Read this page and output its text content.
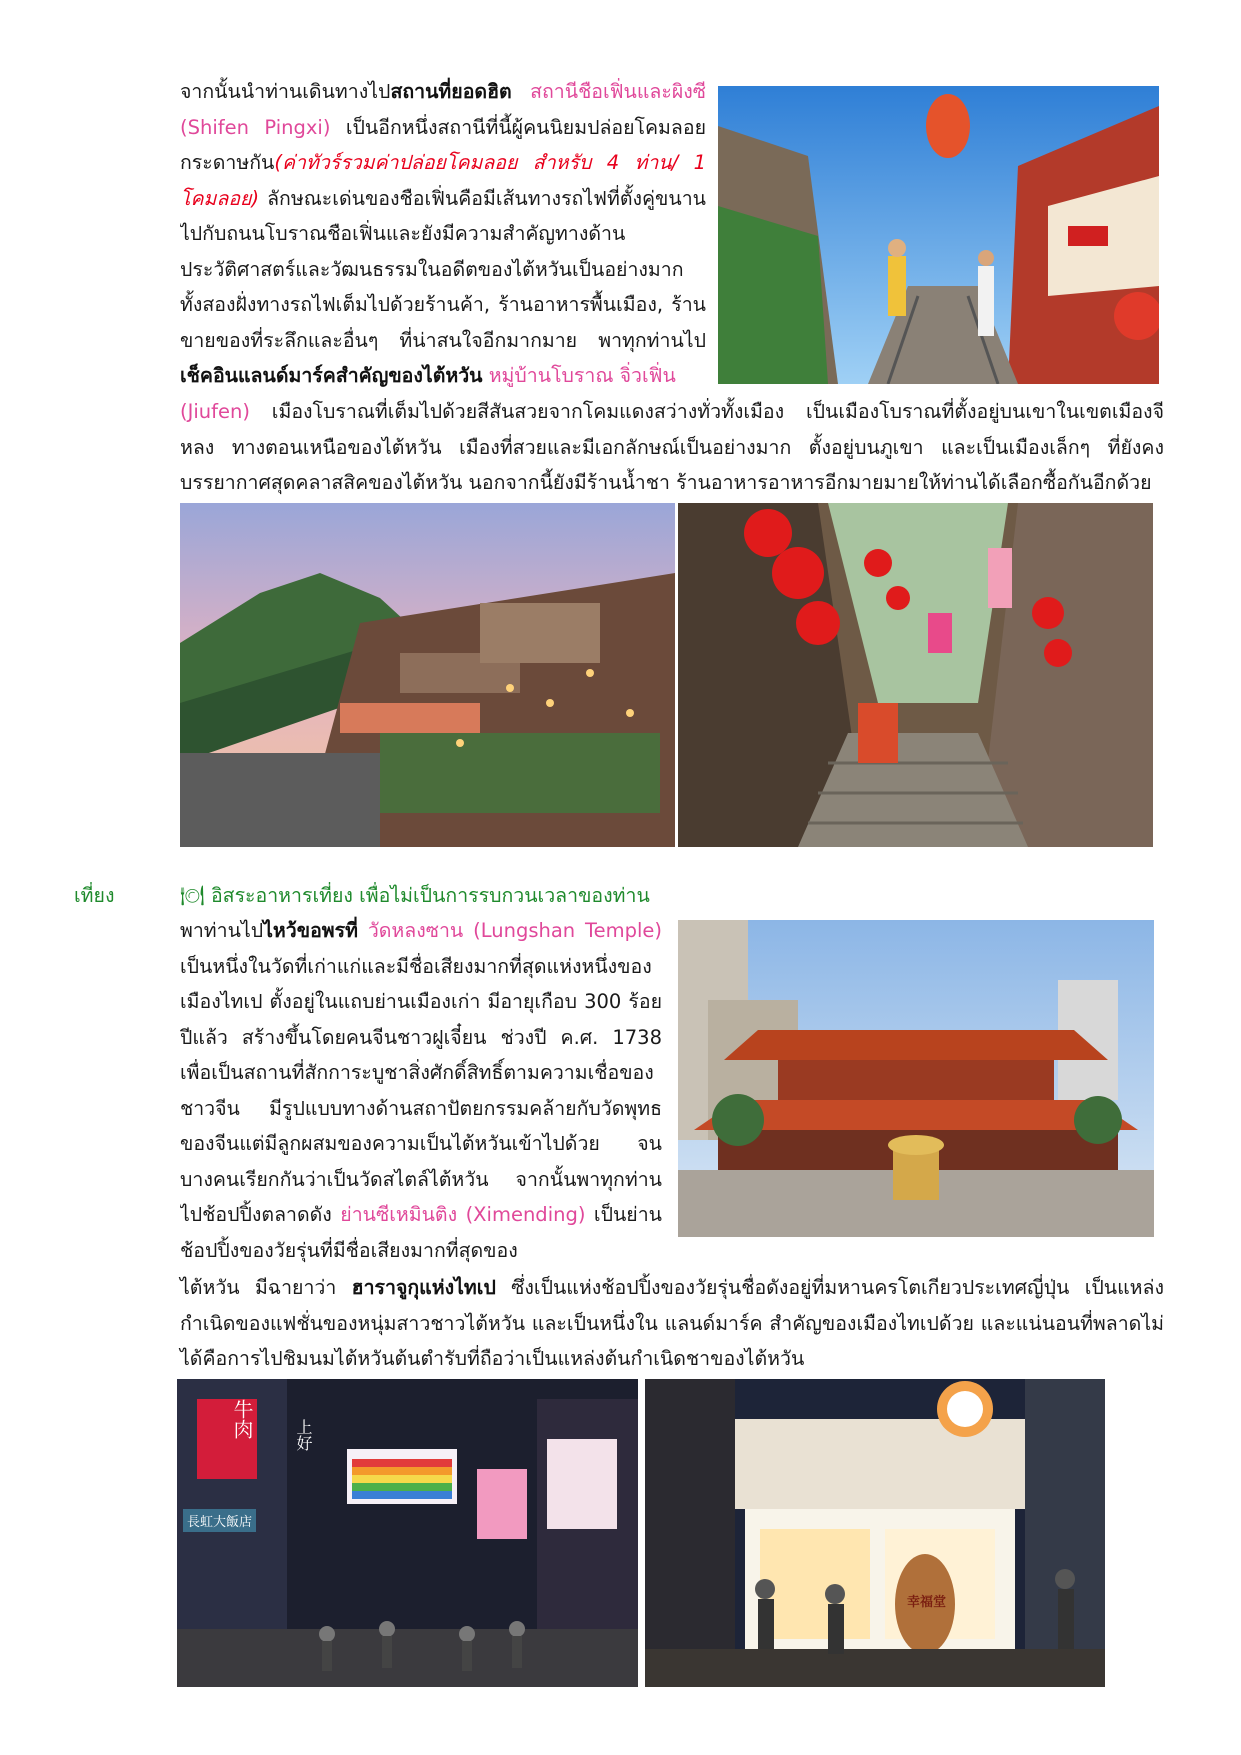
จากนั้นนำท่านเดินทางไปสถานที่ยอดฮิต สถานีชือเฟิ่นและผิงซี (Shifen Pingxi) เป็นอีกหนึ่งสถานีที่นี้ผู้คนนิยมปล่อยโคมลอยกระดาษกัน(ค่าทัวร์รวมค่าปล่อยโคมลอย สำหรับ 4 ท่าน/ 1 โคมลอย) ลักษณะเด่นของชือเฟิ่นคือมีเส้นทางรถไฟที่ตั้งคู่ขนานไปกับถนนโบราณชือเฟิ่นและยังมีความสำคัญทางด้านประวัติศาสตร์และวัฒนธรรมในอดีตของไต้หวันเป็นอย่างมาก ทั้งสองฝั่งทางรถไฟเต็มไปด้วยร้านค้า, ร้านอาหารพื้นเมือง, ร้านขายของที่ระลึกและอื่นๆ ที่น่าสนใจอีกมากมาย พาทุกท่านไปเช็คอินแลนด์มาร์คสำคัญของไต้หวัน หมู่บ้านโบราณ จิ่วเฟิ่น
(Jiufen) เมืองโบราณที่เต็มไปด้วยสีสันสวยจากโคมแดงสว่างทั่วทั้งเมือง เป็นเมืองโบราณที่ตั้งอยู่บนเขาในเขตเมืองจีหลง ทางตอนเหนือของไต้หวัน เมืองที่สวยและมีเอกลักษณ์เป็นอย่างมาก ตั้งอยู่บนภูเขา และเป็นเมืองเล็กๆ ที่ยังคงบรรยากาศสุดคลาสสิคของไต้หวัน นอกจากนี้ยังมีร้านน้ำชา ร้านอาหารอาหารอีกมายมายให้ท่านได้เลือกซื้อกันอีกด้วย
เที่ยง	🍽 อิสระอาหารเที่ยง เพื่อไม่เป็นการรบกวนเวลาของท่าน
พาท่านไปไหว้ขอพรที่ วัดหลงซาน (Lungshan Temple) เป็นหนึ่งในวัดที่เก่าแก่และมีชื่อเสียงมากที่สุดแห่งหนึ่งของเมืองไทเป ตั้งอยู่ในแถบย่านเมืองเก่า มีอายุเกือบ 300 ร้อยปีแล้ว สร้างขึ้นโดยคนจีนชาวฝูเจี๋ยน ช่วงปี ค.ศ. 1738 เพื่อเป็นสถานที่สักการะบูชาสิ่งศักดิ์สิทธิ์ตามความเชื่อของชาวจีน มีรูปแบบทางด้านสถาปัตยกรรมคล้ายกับวัดพุทธของจีนแต่มีลูกผสมของความเป็นไต้หวันเข้าไปด้วย จนบางคนเรียกกันว่าเป็นวัดสไตล์ไต้หวัน จากนั้นพาทุกท่านไปช้อปปิ้งตลาดดัง ย่านซีเหมินติง (Ximending) เป็นย่านช้อปปิ้งของวัยรุ่นที่มีชื่อเสียงมากที่สุดของ
ไต้หวัน มีฉายาว่า ฮาราจูกุแห่งไทเป ซึ่งเป็นแห่งช้อปปิ้งของวัยรุ่นชื่อดังอยู่ที่มหานครโตเกียวประเทศญี่ปุ่น เป็นแหล่งกำเนิดของแฟชั่นของหนุ่มสาวชาวไต้หวัน และเป็นหนึ่งใน แลนด์มาร์ค สำคัญของเมืองไทเปด้วย และแน่นอนที่พลาดไม่ได้คือการไปชิมนมไต้หวันต้นตำรับที่ถือว่าเป็นแหล่งต้นกำเนิดชาของไต้หวัน
牛肉
長虹大飯店
上好
幸福堂
